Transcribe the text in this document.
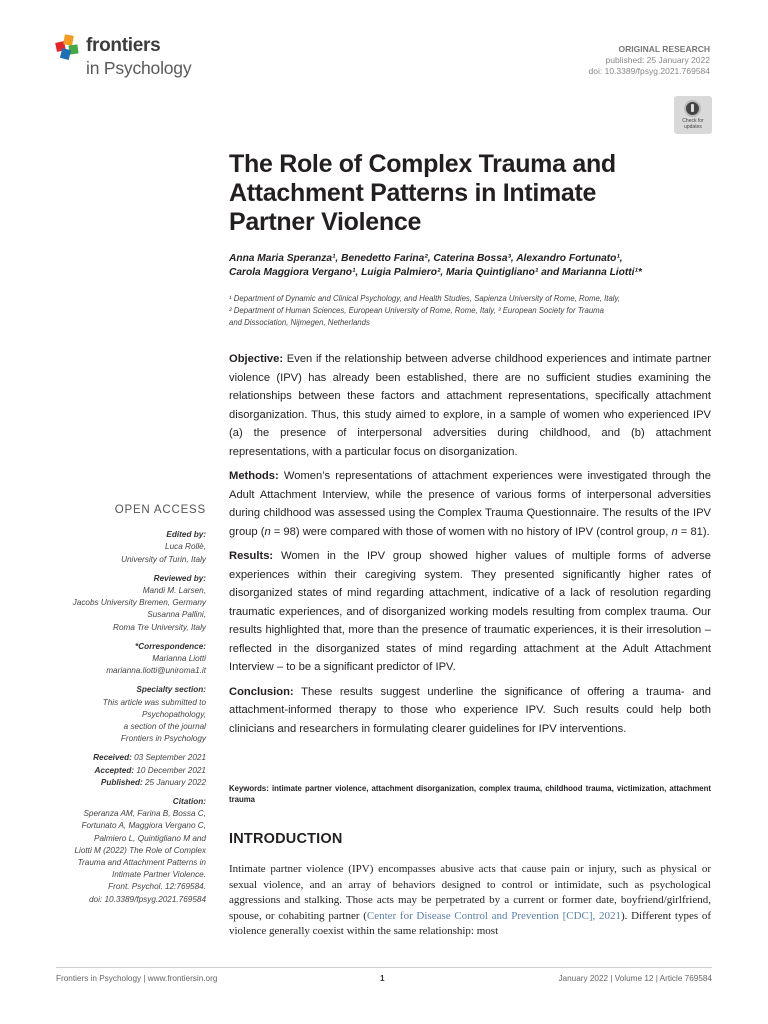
frontiers
in Psychology
ORIGINAL RESEARCH
published: 25 January 2022
doi: 10.3389/fpsyg.2021.769584
Check for
updates
The Role of Complex Trauma and
Attachment Patterns in Intimate
Partner Violence
Anna Maria Speranza¹, Benedetto Farina², Caterina Bossa³, Alexandro Fortunato¹,
Carola Maggiora Vergano¹, Luigia Palmiero², Maria Quintigliano¹ and Marianna Liotti¹*
¹ Department of Dynamic and Clinical Psychology, and Health Studies, Sapienza University of Rome, Rome, Italy,
² Department of Human Sciences, European University of Rome, Rome, Italy, ³ European Society for Trauma
and Dissociation, Nijmegen, Netherlands

Objective: Even if the relationship between adverse childhood experiences and intimate partner violence (IPV) has already been established, there are no sufficient studies examining the relationships between these factors and attachment representations, specifically attachment disorganization. Thus, this study aimed to explore, in a sample of women who experienced IPV (a) the presence of interpersonal adversities during childhood, and (b) attachment representations, with a particular focus on disorganization.

Methods: Women’s representations of attachment experiences were investigated through the Adult Attachment Interview, while the presence of various forms of interpersonal adversities during childhood was assessed using the Complex Trauma Questionnaire. The results of the IPV group (n = 98) were compared with those of women with no history of IPV (control group, n = 81).

Results: Women in the IPV group showed higher values of multiple forms of adverse experiences within their caregiving system. They presented significantly higher rates of disorganized states of mind regarding attachment, indicative of a lack of resolution regarding traumatic experiences, and of disorganized working models resulting from complex trauma. Our results highlighted that, more than the presence of traumatic experiences, it is their irresolution – reflected in the disorganized states of mind regarding attachment at the Adult Attachment Interview – to be a significant predictor of IPV.

Conclusion: These results suggest underline the significance of offering a trauma- and attachment-informed therapy to those who experience IPV. Such results could help both clinicians and researchers in formulating clearer guidelines for IPV interventions.

Keywords: intimate partner violence, attachment disorganization, complex trauma, childhood trauma, victimization, attachment trauma
INTRODUCTION
Intimate partner violence (IPV) encompasses abusive acts that cause pain or injury, such as physical or sexual violence, and an array of behaviors designed to control or intimidate, such as psychological aggressions and stalking. Those acts may be perpetrated by a current or former date, boyfriend/girlfriend, spouse, or cohabiting partner (Center for Disease Control and Prevention [CDC], 2021). Different types of violence generally coexist within the same relationship: most
OPEN ACCESS
Edited by:
Luca Rollè,
University of Turin, Italy
Reviewed by:
Mandi M. Larsen,
Jacobs University Bremen, Germany
Susanna Pallini,
Roma Tre University, Italy
*Correspondence:
Marianna Liotti
marianna.liotti@uniroma1.it
Specialty section:
This article was submitted to
Psychopathology,
a section of the journal
Frontiers in Psychology
Received: 03 September 2021
Accepted: 10 December 2021
Published: 25 January 2022
Citation:
Speranza AM, Farina B, Bossa C,
Fortunato A, Maggiora Vergano C,
Palmiero L, Quintigliano M and
Liotti M (2022) The Role of Complex
Trauma and Attachment Patterns in
Intimate Partner Violence.
Front. Psychol. 12:769584.
doi: 10.3389/fpsyg.2021.769584
Frontiers in Psychology | www.frontiersin.org	1	January 2022 | Volume 12 | Article 769584
